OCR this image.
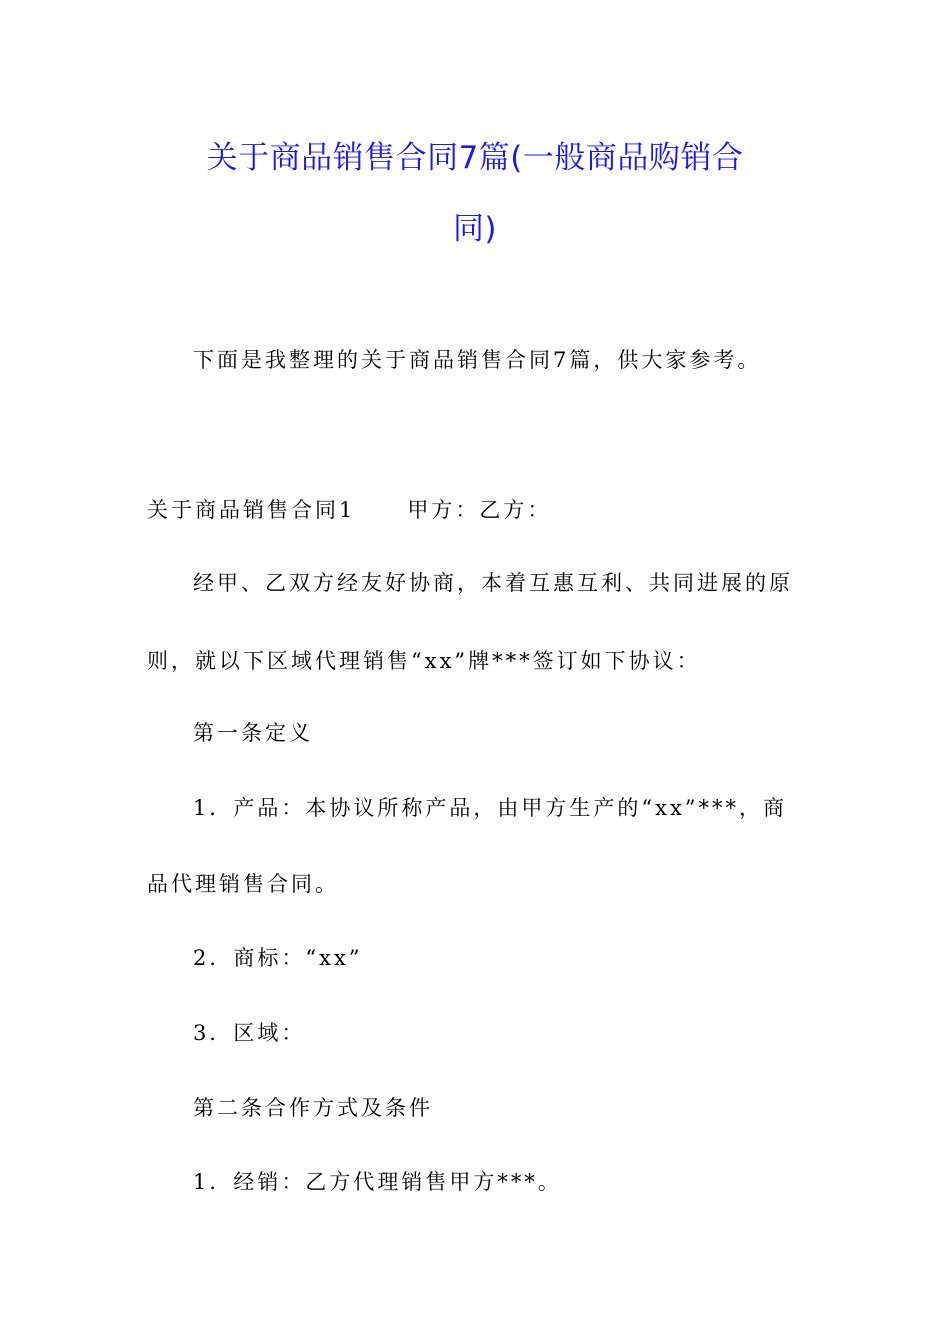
关于商品销售合同7篇(一般商品购销合
同)
下面是我整理的关于商品销售合同7篇，供大家参考。
关于商品销售合同1 甲方：乙方：
经甲、乙双方经友好协商，本着互惠互利、共同进展的原
则，就以下区域代理销售“xx”牌***签订如下协议：
第一条定义
1．产品：本协议所称产品，由甲方生产的“xx”***，商
品代理销售合同。
2．商标：“xx”
3．区域：
第二条合作方式及条件
1．经销：乙方代理销售甲方***。
